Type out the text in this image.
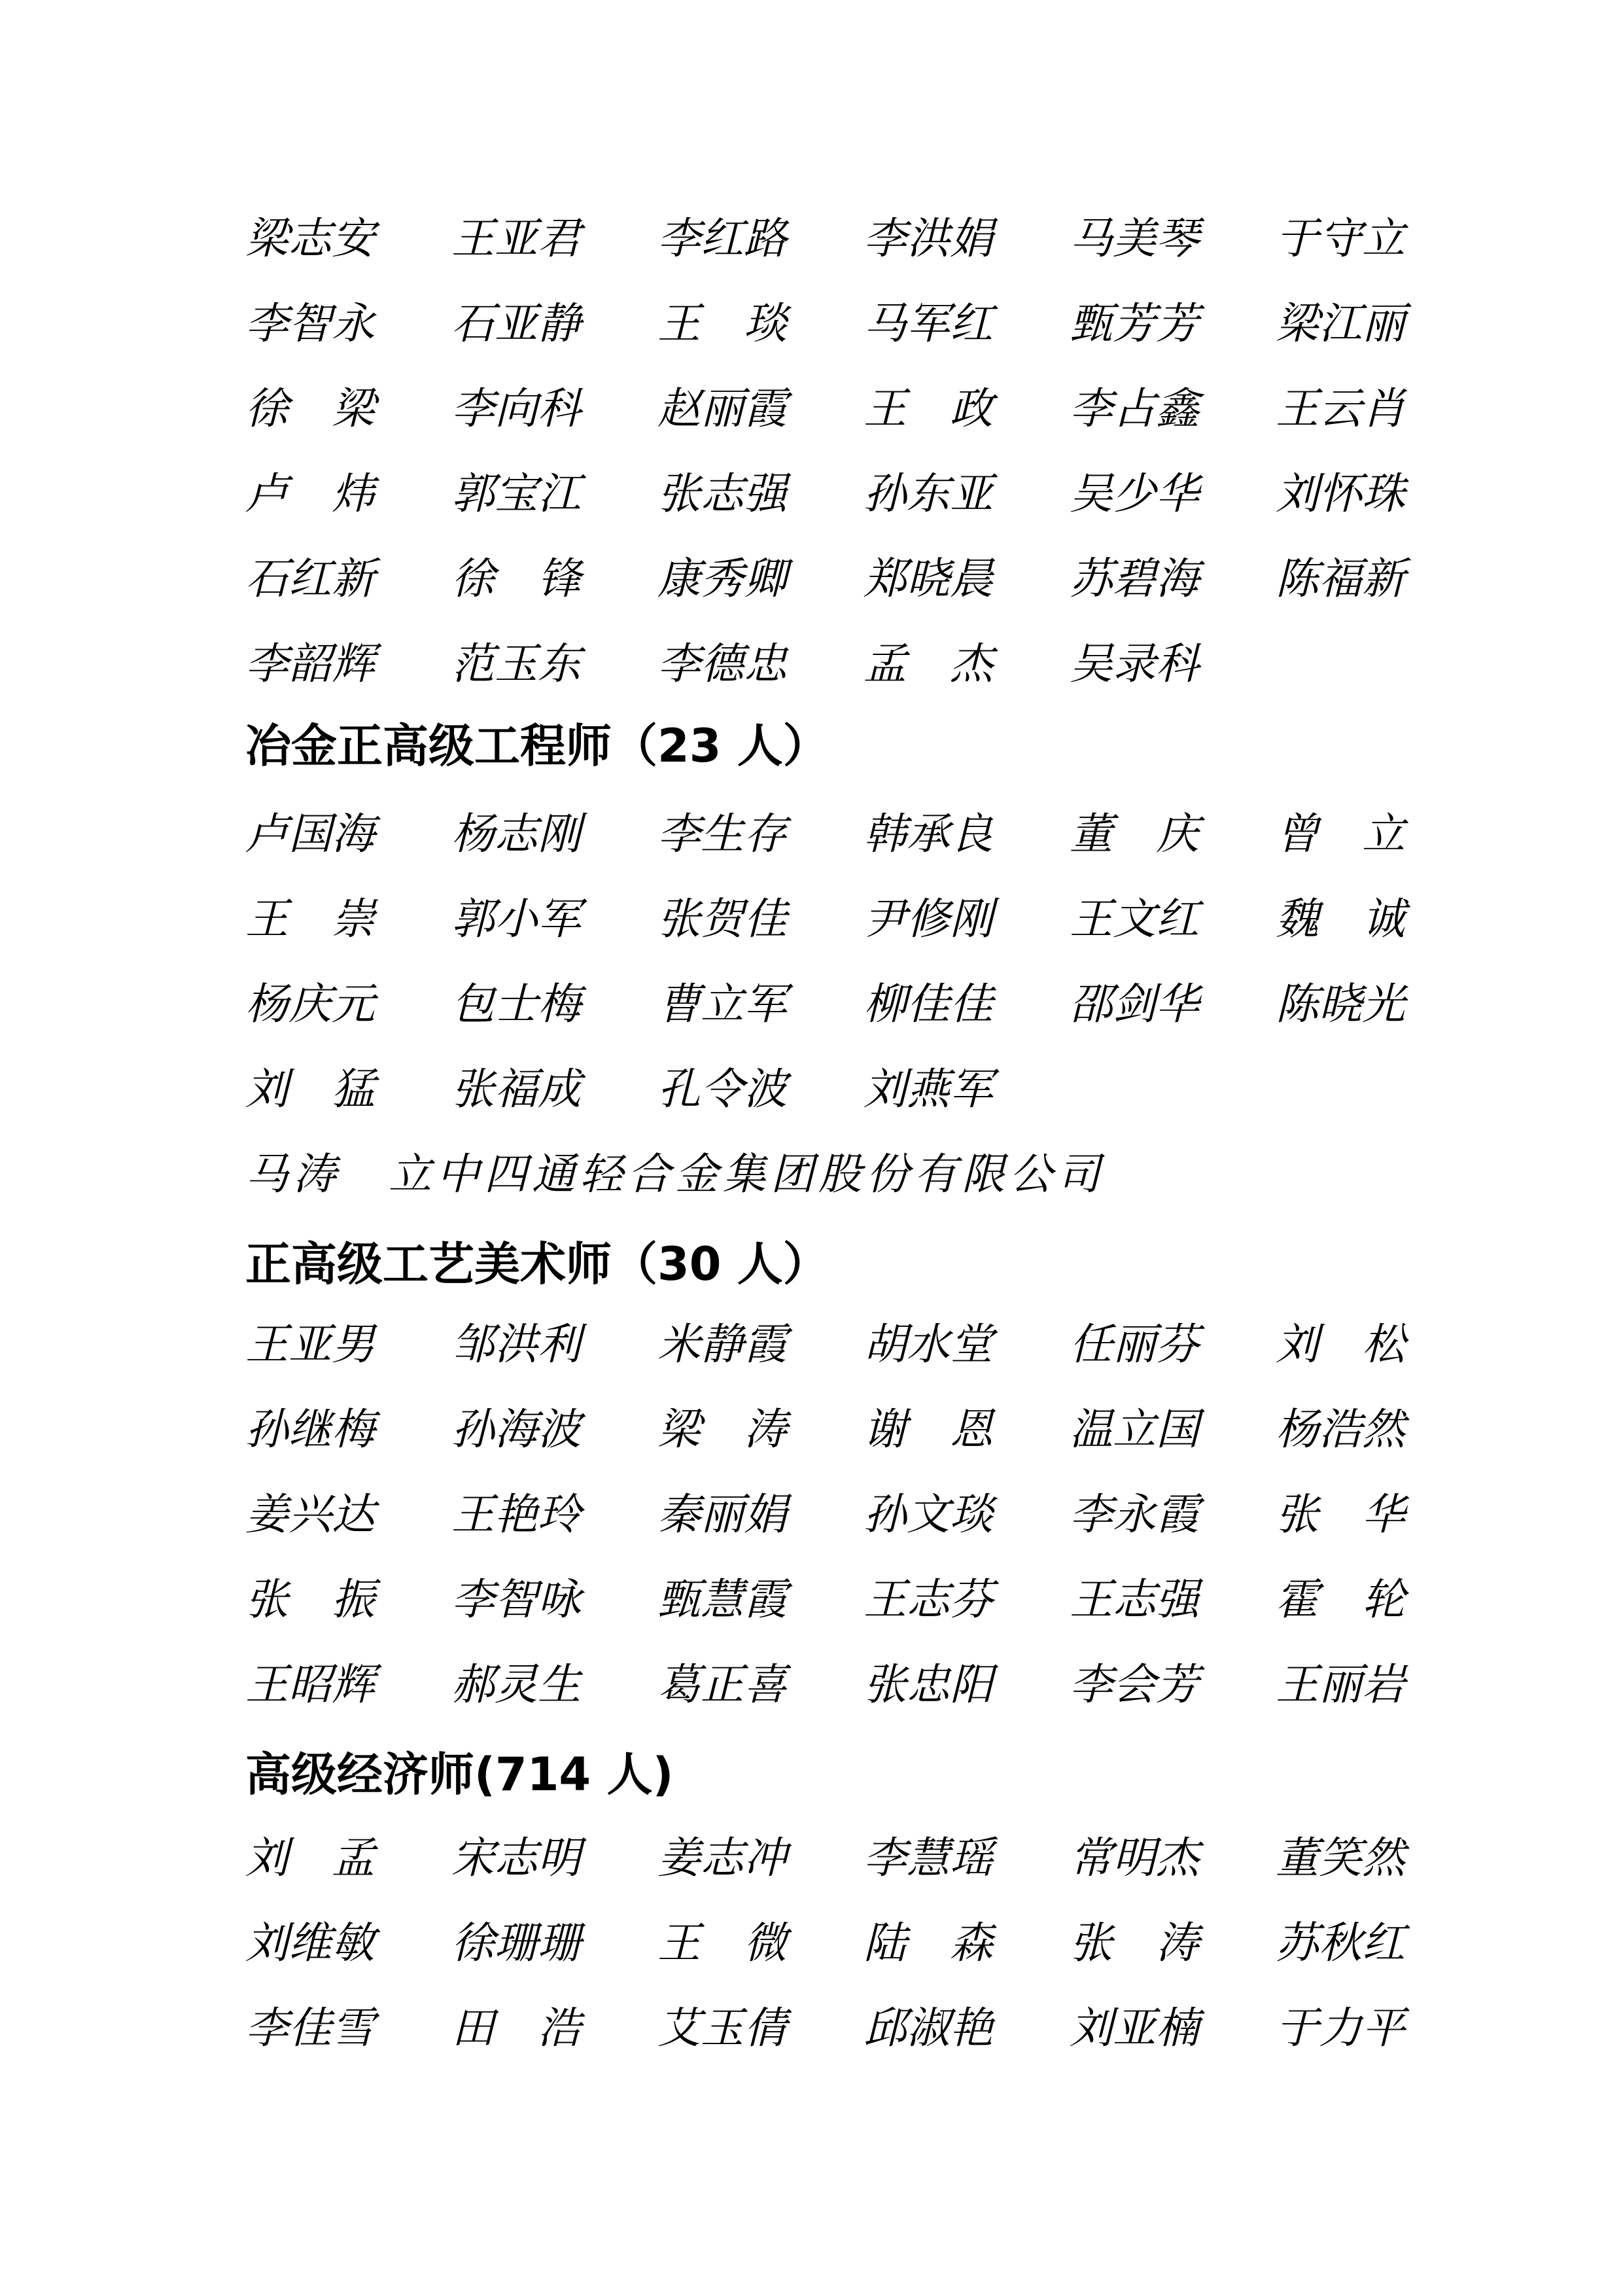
梁志安 王亚君 李红路 李洪娟 马美琴 于守立
李智永 石亚静 王　琰 马军红 甄芳芳 梁江丽
徐　梁 李向科 赵丽霞 王　政 李占鑫 王云肖
卢　炜 郭宝江 张志强 孙东亚 吴少华 刘怀珠
石红新 徐　锋 康秀卿 郑晓晨 苏碧海 陈福新
李韶辉 范玉东 李德忠 孟　杰 吴录科
冶金正高级工程师（23 人）
卢国海 杨志刚 李生存 韩承良 董　庆 曾　立
王　崇 郭小军 张贺佳 尹修刚 王文红 魏　诚
杨庆元 包士梅 曹立军 柳佳佳 邵剑华 陈晓光
刘　猛 张福成 孔令波 刘燕军
马涛　立中四通轻合金集团股份有限公司
正高级工艺美术师（30 人）
王亚男 邹洪利 米静霞 胡水堂 任丽芬 刘　松
孙继梅 孙海波 梁　涛 谢　恩 温立国 杨浩然
姜兴达 王艳玲 秦丽娟 孙文琰 李永霞 张　华
张　振 李智咏 甄慧霞 王志芬 王志强 霍　轮
王昭辉 郝灵生 葛正喜 张忠阳 李会芳 王丽岩
高级经济师(714 人)
刘　孟 宋志明 姜志冲 李慧瑶 常明杰 董笑然
刘维敏 徐珊珊 王　微 陆　森 张　涛 苏秋红
李佳雪 田　浩 艾玉倩 邱淑艳 刘亚楠 于力平
